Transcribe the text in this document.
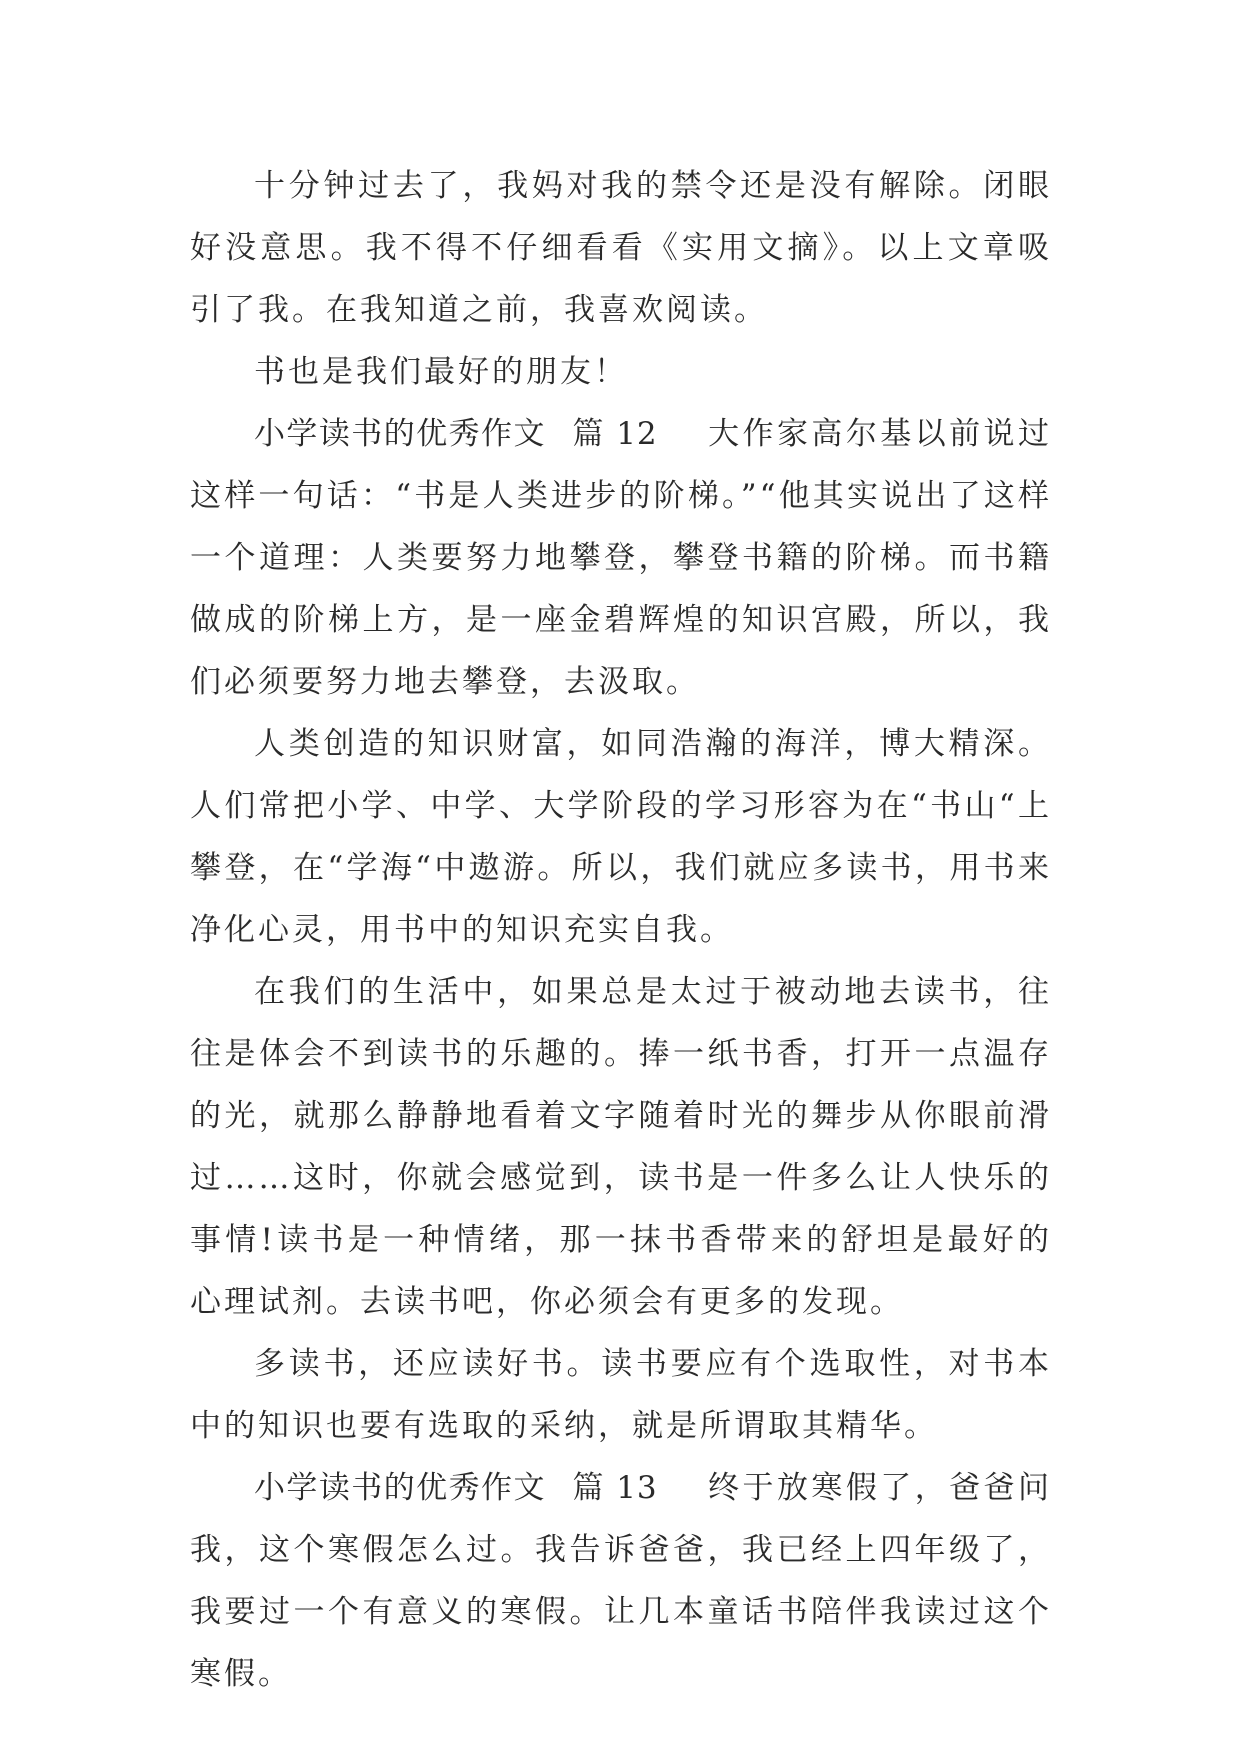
十分钟过去了，我妈对我的禁令还是没有解除。闭眼好没意思。我不得不仔细看看《实用文摘》。以上文章吸引了我。在我知道之前，我喜欢阅读。

书也是我们最好的朋友！

小学读书的优秀作文 篇 12 大作家高尔基以前说过这样一句话：“书是人类进步的阶梯。”“他其实说出了这样一个道理：人类要努力地攀登，攀登书籍的阶梯。而书籍做成的阶梯上方，是一座金碧辉煌的知识宫殿，所以，我们必须要努力地去攀登，去汲取。

人类创造的知识财富，如同浩瀚的海洋，博大精深。人们常把小学、中学、大学阶段的学习形容为在“书山“上攀登，在“学海“中遨游。所以，我们就应多读书，用书来净化心灵，用书中的知识充实自我。

在我们的生活中，如果总是太过于被动地去读书，往往是体会不到读书的乐趣的。捧一纸书香，打开一点温存的光，就那么静静地看着文字随着时光的舞步从你眼前滑过……这时，你就会感觉到，读书是一件多么让人快乐的事情!读书是一种情绪，那一抹书香带来的舒坦是最好的心理试剂。去读书吧，你必须会有更多的发现。

多读书，还应读好书。读书要应有个选取性，对书本中的知识也要有选取的采纳，就是所谓取其精华。

小学读书的优秀作文 篇 13 终于放寒假了，爸爸问我，这个寒假怎么过。我告诉爸爸，我已经上四年级了，我要过一个有意义的寒假。让几本童话书陪伴我读过这个寒假。
